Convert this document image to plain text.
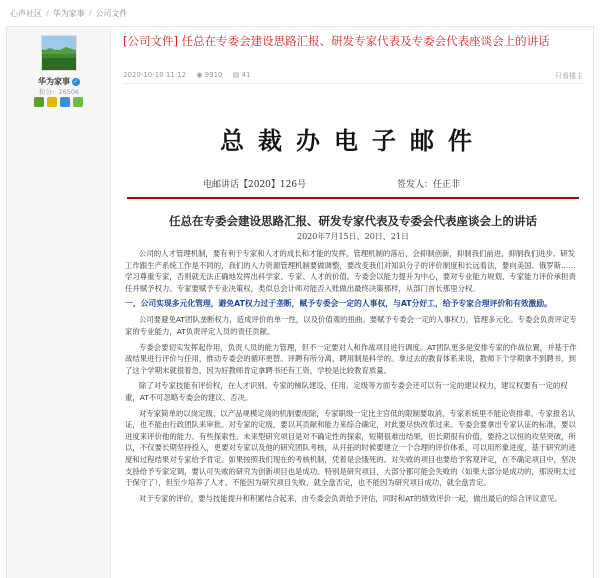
心声社区 / 华为家事 / 公司文件
华为家事 ✓
积分：26506
[公司文件] 任总在专委会建设思路汇报、研发专家代表及专委会代表座谈会上的讲话
2020-10-10 11:12 ◉ 9910 ▤ 41	只看楼主
总裁办电子邮件
电邮讲话【2020】126号	签发人：任正非
任总在专委会建设思路汇报、研发专家代表及专委会代表座谈会上的讲话
2020年7月15日、20日、21日

公司的人才管理机制，要有利于专家和人才的成长和才能的发挥。管理机制的落后，会抑制创新，抑制我们前进，抑制我们进步。研发工作跟生产系统工作是不同的，我们的人力资源管理机制要做调整，要改变我们对知识分子的评价制度和长远看法，要向美国、俄罗斯……学习尊重专家，否则就无法正确地发挥出科学家、专家、人才的价值。专委会以能力提升为中心，要对专业能力规划、专家能力评价承担责任并赋予权力。专家要赋予专业决策权，类似总会计师对能否入账做出最终决策那样，从部门首长那里分权。

一、公司实现多元化管理，避免AT权力过于垄断，赋予专委会一定的人事权，与AT分好工，给予专家合理评价和有效激励。

公司要避免AT团队垄断权力，造成评价的单一性，以及价值观的扭曲。要赋予专委会一定的人事权力，管理多元化。专委会负责评定专家的专业能力，AT负责评定人员的责任贡献。

专委会要切实发挥起作用，负责人员的能力管理，但不一定要对人和作战项目进行调度。AT团队更多是安排专家的作战位置，并基于作战结果进行评价与任用，推动专委会的循环更替。评聘有所分离，聘用制是科学的。拿过去的教育体系来说，教师下个学期拿不到聘书，到了这个学期末就很着急，因为好教师肯定拿聘书还有工资，学校是比较教育质量。

除了对专家技能有评价权，在人才识别、专家的梯队建设、任用、定级等方面专委会还可以有一定的建议权力，建议权要有一定的权重，AT不可忽略专委会的建议、否决。

对专家简单的以岗定级、以产品规模定岗的机制要废除，专家职级一定比主官低的限制要取消，专家系统里不能论资排辈。专家报名认证，也不能由行政团队来审批。对专家的定级，要以其贡献和能力来综合确定，对此要尽快改革过来。专委会要拿出专家认证的标准，要以进度来评价他的能力。有些探索性、未来型研究项目是对不确定性的探索，短期很难出结果，但长期很有价值，要持之以恒的攻坚突破，所以，不仅要长期坚持投入，更要对专家以及他的研究团队考核，从开拓的时候要建立一个合理的评价体系，可以用形象进度，基于研究的进度和过程结果对专家给予肯定。如果按照我们现在的考核机制，凭着是会饿死的。对失败的项目也要给予客观评定，在不确定项目中，坚决支持给予专家定调，要认可失败的研究为创新项目也是成功。特别是研究项目，大部分都可能会失败的（如果大部分是成功的，那说明太过于保守了），但至少培养了人才。不能因为研究项目失败，就全盘否定，也不能因为研究项目成功，就全盘肯定。

对于专家的评价，要与技能提升和积累结合起来，由专委会负责给予评估，同时和AT的绩效评价一起，做出最后的综合评议意见。
